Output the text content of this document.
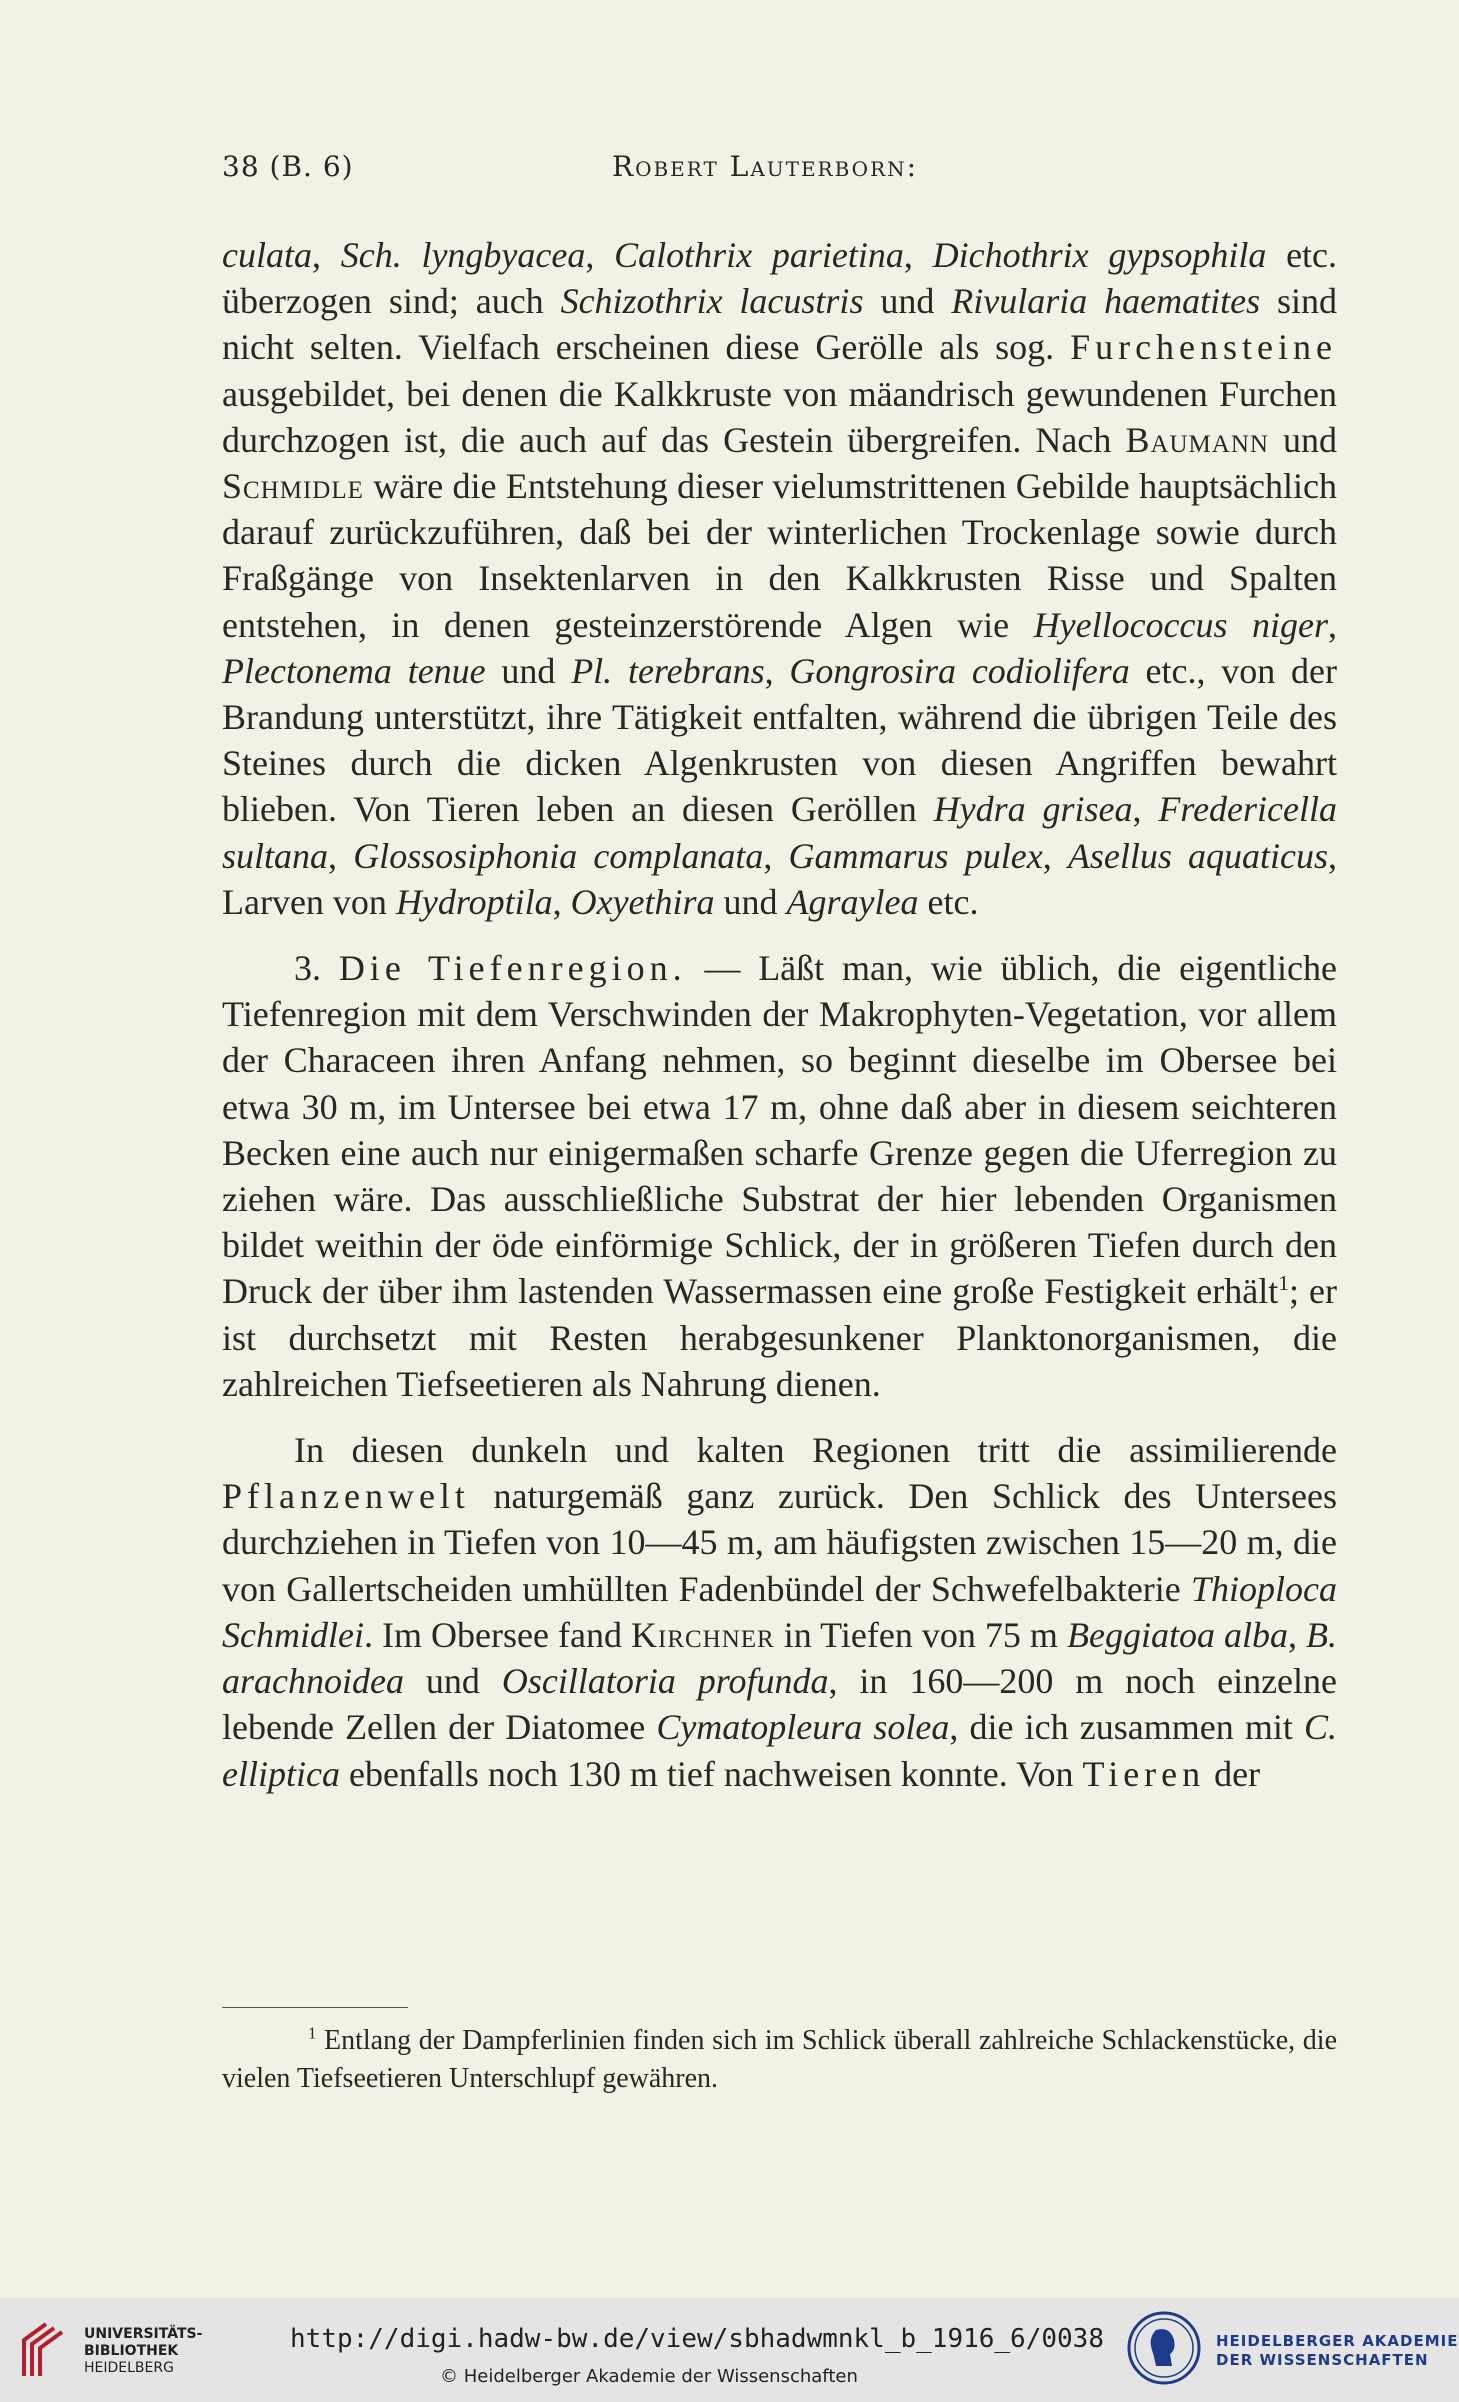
38 (B. 6)	Robert Lauterborn:

culata, Sch. lyngbyacea, Calothrix parietina, Dichothrix gypsophila etc. überzogen sind; auch Schizothrix lacustris und Rivularia haematites sind nicht selten. Vielfach erscheinen diese Gerölle als sog. Furchensteine ausgebildet, bei denen die Kalkkruste von mäandrisch gewundenen Furchen durchzogen ist, die auch auf das Gestein übergreifen. Nach Baumann und Schmidle wäre die Entstehung dieser vielumstrittenen Gebilde hauptsächlich darauf zurückzuführen, daß bei der winterlichen Trockenlage sowie durch Fraßgänge von Insektenlarven in den Kalkkrusten Risse und Spalten entstehen, in denen gesteinzerstörende Algen wie Hyellococcus niger, Plectonema tenue und Pl. terebrans, Gongrosira codiolifera etc., von der Brandung unterstützt, ihre Tätigkeit entfalten, während die übrigen Teile des Steines durch die dicken Algenkrusten von diesen Angriffen bewahrt blieben. Von Tieren leben an diesen Geröllen Hydra grisea, Fredericella sultana, Glossosiphonia complanata, Gammarus pulex, Asellus aquaticus, Larven von Hydroptila, Oxyethira und Agraylea etc.

3. Die Tiefenregion. — Läßt man, wie üblich, die eigentliche Tiefenregion mit dem Verschwinden der Makrophyten-Vegetation, vor allem der Characeen ihren Anfang nehmen, so beginnt dieselbe im Obersee bei etwa 30 m, im Untersee bei etwa 17 m, ohne daß aber in diesem seichteren Becken eine auch nur einigermaßen scharfe Grenze gegen die Uferregion zu ziehen wäre. Das ausschließliche Substrat der hier lebenden Organismen bildet weithin der öde einförmige Schlick, der in größeren Tiefen durch den Druck der über ihm lastenden Wassermassen eine große Festigkeit erhält$^1$; er ist durchsetzt mit Resten herabgesunkener Planktonorganismen, die zahlreichen Tiefseetieren als Nahrung dienen.

In diesen dunkeln und kalten Regionen tritt die assimilierende Pflanzenwelt naturgemäß ganz zurück. Den Schlick des Untersees durchziehen in Tiefen von 10—45 m, am häufigsten zwischen 15—20 m, die von Gallertscheiden umhüllten Fadenbündel der Schwefelbakterie Thioploca Schmidlei. Im Obersee fand Kirchner in Tiefen von 75 m Beggiatoa alba, B. arachnoidea und Oscillatoria profunda, in 160—200 m noch einzelne lebende Zellen der Diatomee Cymatopleura solea, die ich zusammen mit C. elliptica ebenfalls noch 130 m tief nachweisen konnte. Von Tieren der

$^1$ Entlang der Dampferlinien finden sich im Schlick überall zahlreiche Schlackenstücke, die vielen Tiefseetieren Unterschlupf gewähren.

UNIVERSITÄTS-
BIBLIOTHEK
HEIDELBERG
http://digi.hadw-bw.de/view/sbhadwmnkl_b_1916_6/0038
© Heidelberger Akademie der Wissenschaften
HEIDELBERGER AKADEMIE
DER WISSENSCHAFTEN
